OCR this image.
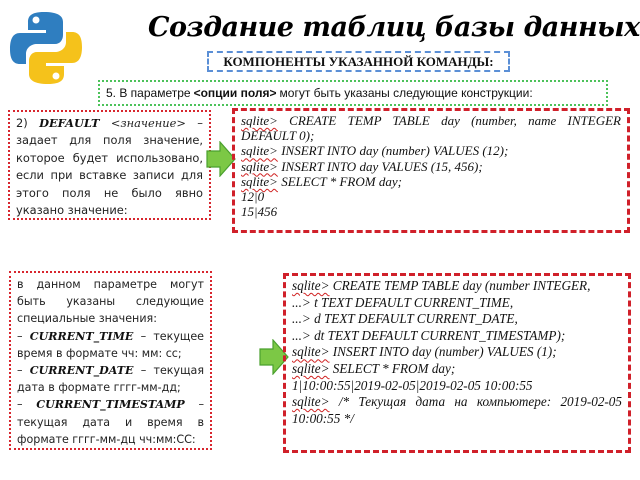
Создание таблиц базы данных
КОМПОНЕНТЫ УКАЗАННОЙ КОМАНДЫ:
5. В параметре <опции поля> могут быть указаны следующие конструкции:
2) DEFAULT <значение> – задает для поля значение, которое будет использовано, если при вставке записи для этого поля не было явно указано значение:
sqlite> CREATE TEMP TABLE day (number, name INTEGER DEFAULT 0);
sqlite> INSERT INTO day (number) VALUES (12);
sqlite> INSERT INTO day VALUES (15, 456);
sqlite> SELECT * FROM day;
12|0
15|456
в данном параметре могут быть указаны следующие специальные значения:
– CURRENT_TIME – текущее время в формате чч: мм: сс;
– CURRENT_DATE – текущая дата в формате гггг-мм-дд;
– CURRENT_TIMESTAMP – текущая дата и время в формате гггг-мм-дц чч:мм:СС:
sqlite> CREATE TEMP TABLE day (number INTEGER,
...> t TEXT DEFAULT CURRENT_TIME,
...> d TEXT DEFAULT CURRENT_DATE,
...> dt TEXT DEFAULT CURRENT_TIMESTAMP);
sqlite> INSERT INTO day (number) VALUES (1);
sqlite> SELECT * FROM day;
1|10:00:55|2019-02-05|2019-02-05 10:00:55
sqlite> /* Текущая дата на компьютере: 2019-02-05 10:00:55 */
